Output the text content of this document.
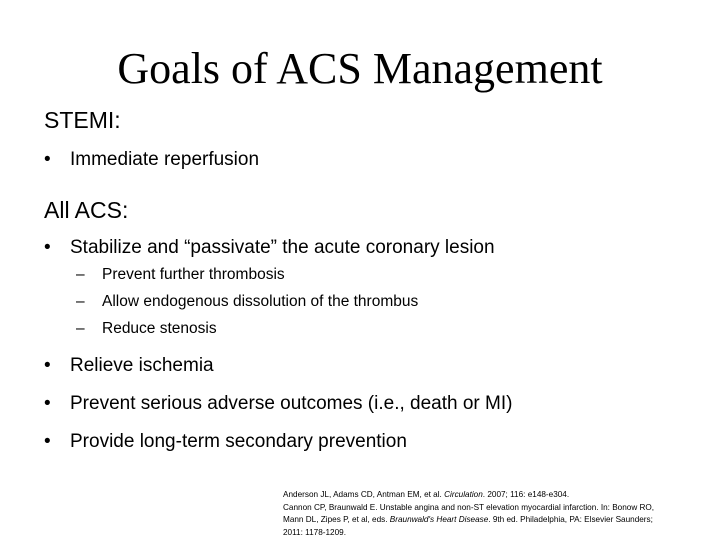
Goals of ACS Management
STEMI:
• Immediate reperfusion
All ACS:
• Stabilize and “passivate” the acute coronary lesion
– Prevent further thrombosis
– Allow endogenous dissolution of the thrombus
– Reduce stenosis
• Relieve ischemia
• Prevent serious adverse outcomes (i.e., death or MI)
• Provide long-term secondary prevention
Anderson JL, Adams CD, Antman EM, et al. Circulation. 2007; 116: e148-e304.
Cannon CP, Braunwald E. Unstable angina and non-ST elevation myocardial infarction. In: Bonow RO,
Mann DL, Zipes P, et al, eds. Braunwald's Heart Disease. 9th ed. Philadelphia, PA: Elsevier Saunders;
2011: 1178-1209.
